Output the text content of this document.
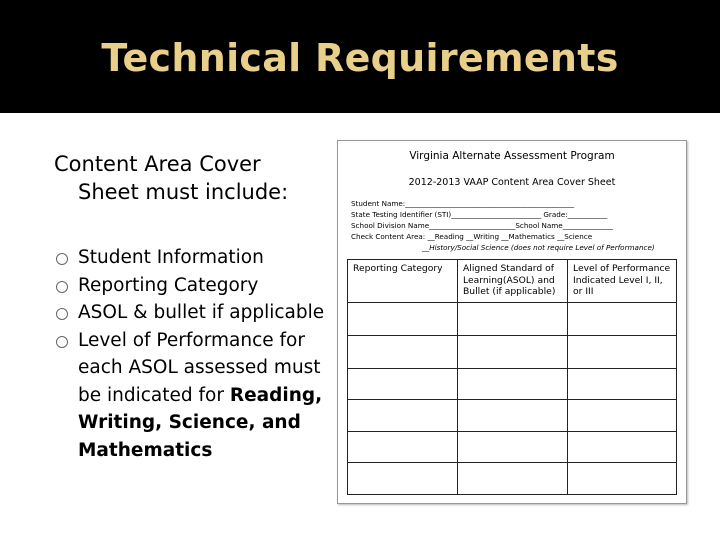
Technical Requirements

Content Area Cover
Sheet must include:

Student Information
Reporting Category
ASOL & bullet if applicable
Level of Performance for each ASOL assessed must be indicated for Reading, Writing, Science, and Mathematics
Virginia Alternate Assessment Program
2012-2013 VAAP Content Area Cover Sheet
Student Name:_______________________________________________
State Testing Identifier (STI)_________________________ Grade:___________
School Division Name________________________School Name______________
Check Content Area: __Reading __Writing __Mathematics __Science
__History/Social Science (does not require Level of Performance)
Reporting Category	Aligned Standard of Learning(ASOL) and Bullet (if applicable)
Level of Performance Indicated Level I, II, or III
